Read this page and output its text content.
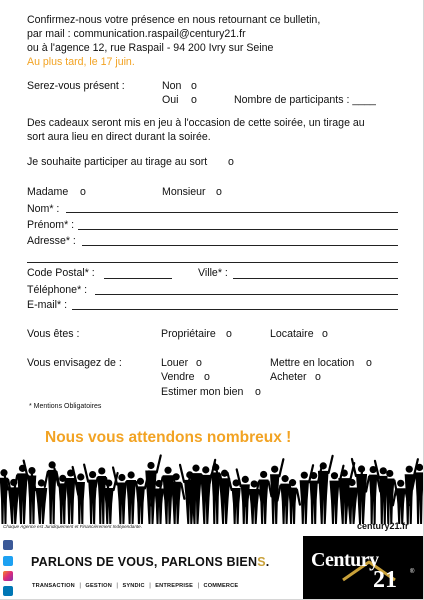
Confirmez-nous votre présence en nous retournant ce bulletin,
par mail : communication.raspail@century21.fr
ou à l'agence 12, rue Raspail - 94 200 Ivry sur Seine
Au plus tard, le 17 juin.
Serez-vous présent :	Non o
Oui o	Nombre de participants : ____
Des cadeaux seront mis en jeu à l'occasion de cette soirée, un tirage au
sort aura lieu en direct durant la soirée.
Je souhaite participer au tirage au sort o
Madame o	Monsieur o
Nom* :
Prénom* :
Adresse* :
Code Postal* :	Ville* :
Téléphone* :
E-mail* :
Vous êtes :	Propriétaire o	Locataire o
Vous envisagez de :	Louer o	Mettre en location o
Vendre o	Acheter o
Estimer mon bien o
* Mentions Obligatoires
Nous vous attendons nombreux !
Chaque Agence est Juridiquement et Financièrement Indépendante.	century21.fr
PARLONS DE VOUS, PARLONS BIENS.
TRANSACTION | GESTION | SYNDIC | ENTREPRISE | COMMERCE
Century
21 ®
